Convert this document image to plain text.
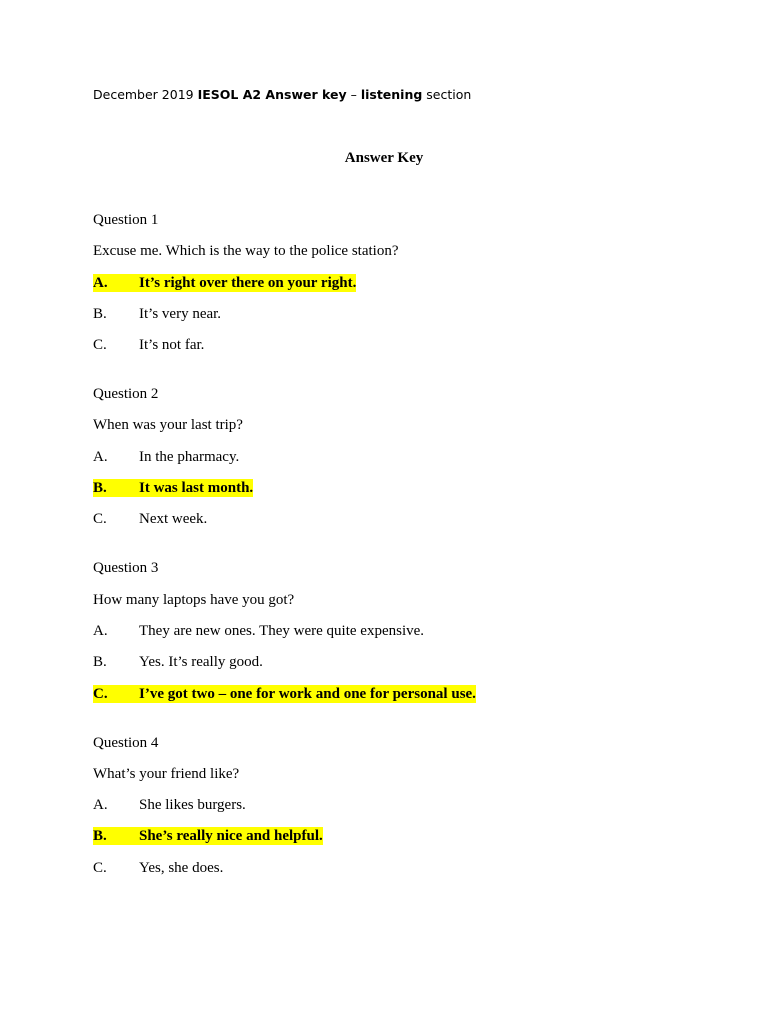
December 2019 IESOL A2 Answer key – listening section
Answer Key
Question 1
Excuse me. Which is the way to the police station?
A. It’s right over there on your right.
B. It’s very near.
C. It’s not far.
Question 2
When was your last trip?
A. In the pharmacy.
B. It was last month.
C. Next week.
Question 3
How many laptops have you got?
A. They are new ones. They were quite expensive.
B. Yes. It’s really good.
C. I’ve got two – one for work and one for personal use.
Question 4
What’s your friend like?
A. She likes burgers.
B. She’s really nice and helpful.
C. Yes, she does.
